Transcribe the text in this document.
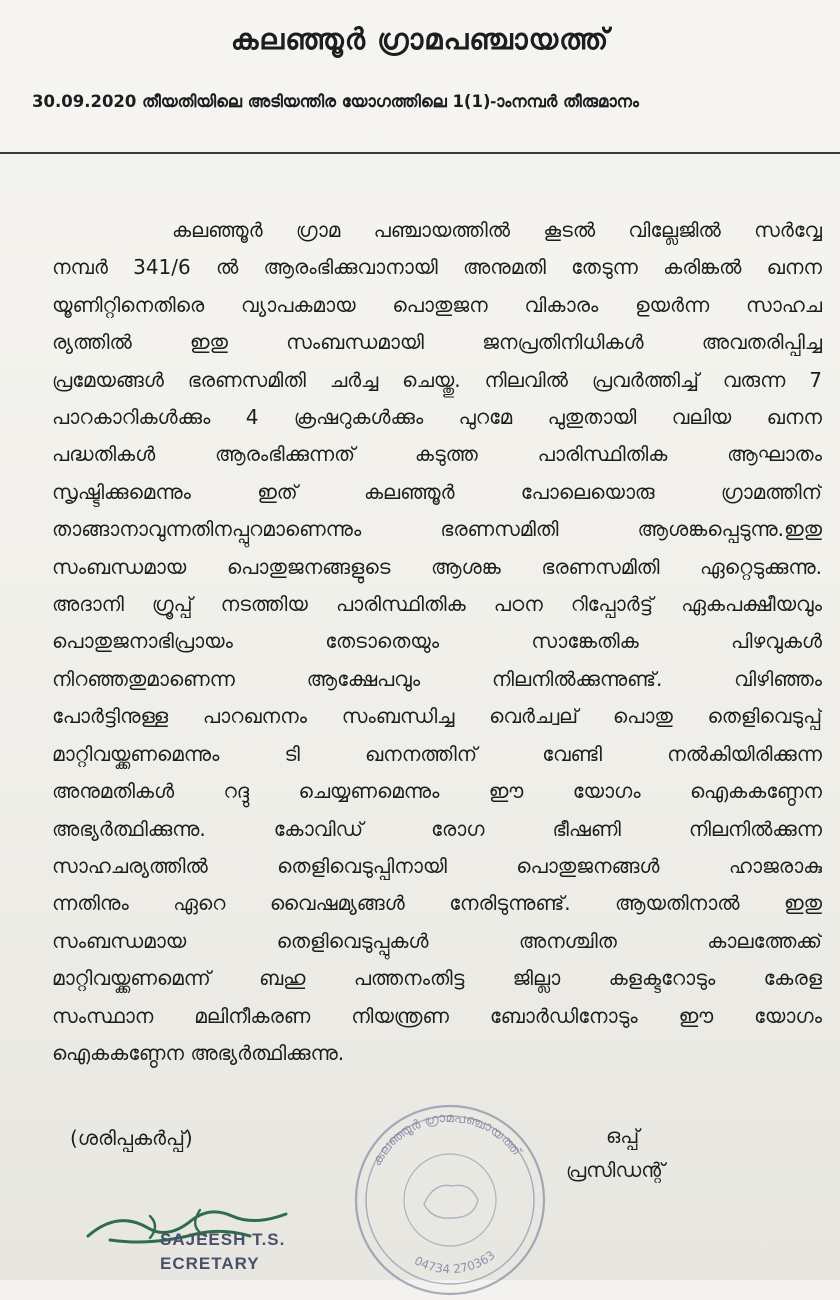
കലഞ്ഞൂർ ഗ്രാമപഞ്ചായത്ത്
30.09.2020 തീയതിയിലെ അടിയന്തിര യോഗത്തിലെ 1(1)-ാംനമ്പർ തീരുമാനം
കലഞ്ഞൂർ ഗ്രാമ പഞ്ചായത്തിൽ കൂടൽ വില്ലേജിൽ സർവ്വേ
നമ്പർ 341/6 ൽ ആരംഭിക്കുവാനായി അനുമതി തേടുന്ന കരിങ്കൽ ഖനന
യൂണിറ്റിനെതിരെ വ്യാപകമായ പൊതുജന വികാരം ഉയർന്ന സാഹച
ര്യത്തിൽ ഇതു സംബന്ധമായി ജനപ്രതിനിധികൾ അവതരിപ്പിച്ച
പ്രമേയങ്ങൾ ഭരണസമിതി ചർച്ച ചെയ്തു. നിലവിൽ പ്രവർത്തിച്ച് വരുന്ന 7
പാറകാറികൾക്കും 4 ക്രഷറുകൾക്കും പുറമേ പുതുതായി വലിയ ഖനന
പദ്ധതികൾ ആരംഭിക്കുന്നത് കടുത്ത പാരിസ്ഥിതിക ആഘാതം
സൃഷ്ടിക്കുമെന്നും ഇത് കലഞ്ഞൂർ പോലെയൊരു ഗ്രാമത്തിന്
താങ്ങാനാവുന്നതിനപ്പുറമാണെന്നും ഭരണസമിതി ആശങ്കപ്പെടുന്നു.ഇതു
സംബന്ധമായ പൊതുജനങ്ങളുടെ ആശങ്ക ഭരണസമിതി ഏറ്റെടുക്കുന്നു.
അദാനി ഗ്രൂപ്പ് നടത്തിയ പാരിസ്ഥിതിക പഠന റിപ്പോർട്ട് ഏകപക്ഷീയവും
പൊതുജനാഭിപ്രായം തേടാതെയും സാങ്കേതിക പിഴവുകൾ
നിറഞ്ഞതുമാണെന്ന ആക്ഷേപവും നിലനിൽക്കുന്നുണ്ട്. വിഴിഞ്ഞം
പോർട്ടിനുള്ള പാറഖനനം സംബന്ധിച്ച വെർച്വല് പൊതു തെളിവെടുപ്പ്
മാറ്റിവയ്ക്കണമെന്നും ടി ഖനനത്തിന് വേണ്ടി നൽകിയിരിക്കുന്ന
അനുമതികൾ റദ്ദു ചെയ്യണമെന്നും ഈ യോഗം ഐകകണ്ഠേന
അഭ്യർത്ഥിക്കുന്നു. കോവിഡ് രോഗ ഭീഷണി നിലനിൽക്കുന്ന
സാഹചര്യത്തിൽ തെളിവെടുപ്പിനായി പൊതുജനങ്ങൾ ഹാജരാകു
ന്നതിനും ഏറെ വൈഷമ്യങ്ങൾ നേരിടുന്നുണ്ട്. ആയതിനാൽ ഇതു
സംബന്ധമായ തെളിവെടുപ്പുകൾ അനശ്ചിത കാലത്തേക്ക്
മാറ്റിവയ്ക്കണമെന്ന് ബഹു പത്തനംതിട്ട ജില്ലാ കളക്ടറോടും കേരള
സംസ്ഥാന മലിനീകരണ നിയന്ത്രണ ബോർഡിനോടും ഈ യോഗം
ഐകകണ്ഠേന അഭ്യർത്ഥിക്കുന്നു.
(ശരിപ്പകർപ്പ്)	ഒപ്പ്
പ്രസിഡന്റ്
കലഞ്ഞൂർ ഗ്രാമപഞ്ചായത്ത്
04734 270363
SAJEESH T.S.
ECRETARY
